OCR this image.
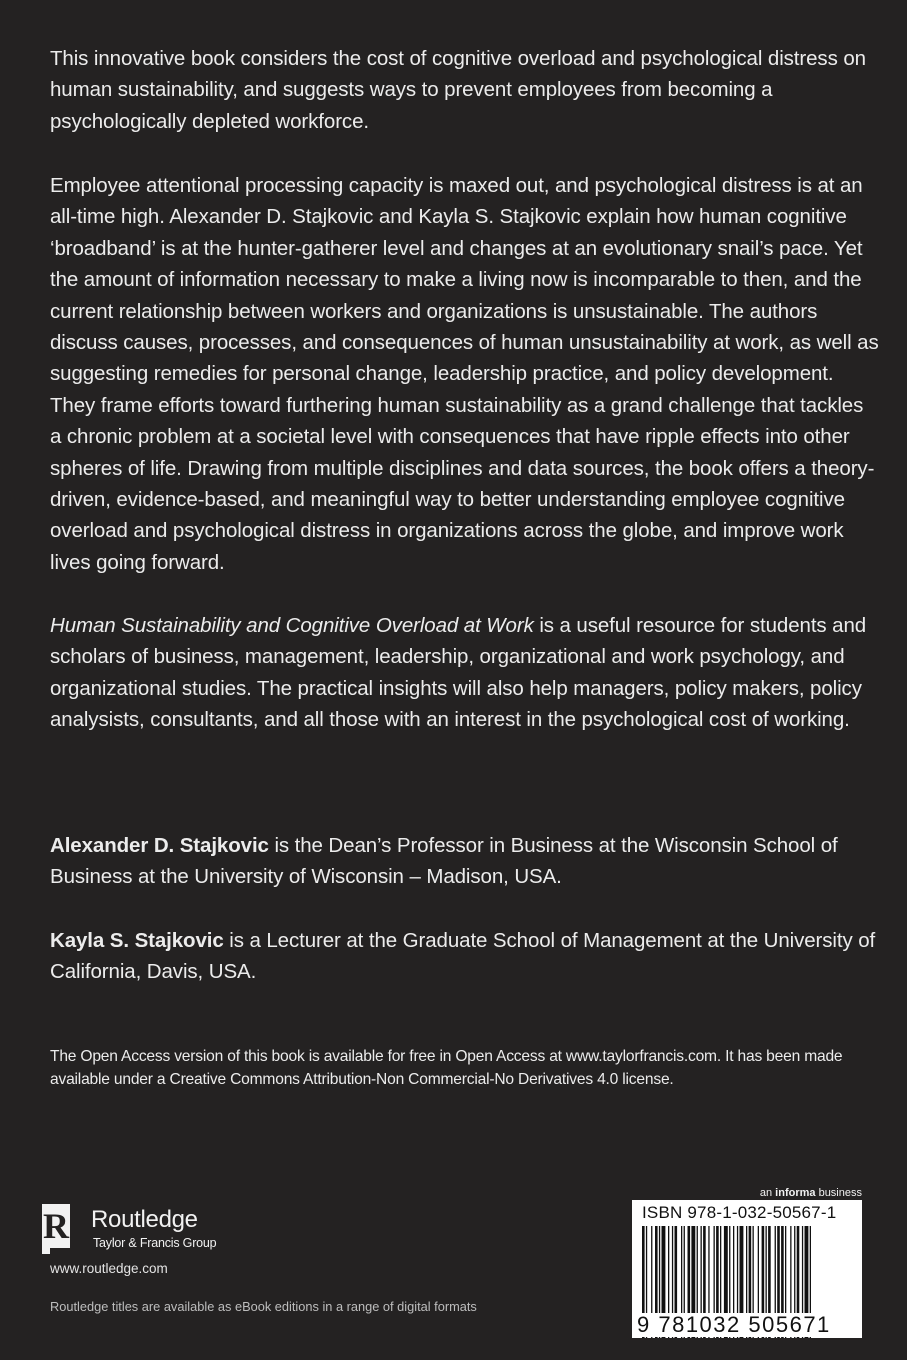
This innovative book considers the cost of cognitive overload and psychological distress on human sustainability, and suggests ways to prevent employees from becoming a psychologically depleted workforce.

Employee attentional processing capacity is maxed out, and psychological distress is at an all-time high. Alexander D. Stajkovic and Kayla S. Stajkovic explain how human cognitive ‘broadband’ is at the hunter-gatherer level and changes at an evolutionary snail’s pace. Yet the amount of information necessary to make a living now is incomparable to then, and the current relationship between workers and organizations is unsustainable. The authors discuss causes, processes, and consequences of human unsustainability at work, as well as suggesting remedies for personal change, leadership practice, and policy development. They frame efforts toward furthering human sustainability as a grand challenge that tackles a chronic problem at a societal level with consequences that have ripple effects into other spheres of life. Drawing from multiple disciplines and data sources, the book offers a theory-driven, evidence-based, and meaningful way to better understanding employee cognitive overload and psychological distress in organizations across the globe, and improve work lives going forward.

Human Sustainability and Cognitive Overload at Work is a useful resource for students and scholars of business, management, leadership, organizational and work psychology, and organizational studies. The practical insights will also help managers, policy makers, policy analysists, consultants, and all those with an interest in the psychological cost of working.

Alexander D. Stajkovic is the Dean’s Professor in Business at the Wisconsin School of Business at the University of Wisconsin – Madison, USA.

Kayla S. Stajkovic is a Lecturer at the Graduate School of Management at the University of California, Davis, USA.

The Open Access version of this book is available for free in Open Access at www.taylorfrancis.com. It has been made available under a Creative Commons Attribution-Non Commercial-No Derivatives 4.0 license.

R Routledge
Taylor & Francis Group
www.routledge.com
Routledge titles are available as eBook editions in a range of digital formats
an informa business
ISBN 978-1-032-50567-1
9 781032 505671
